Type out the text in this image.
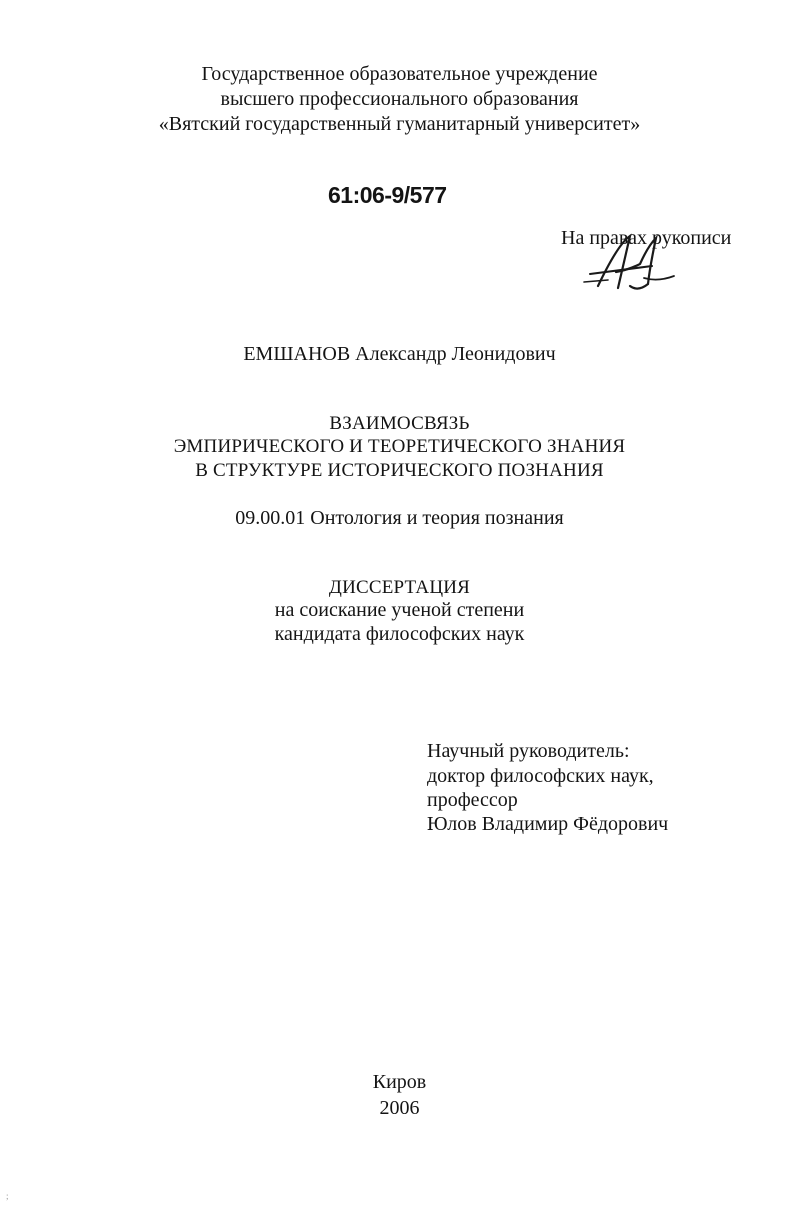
Государственное образовательное учреждение
высшего профессионального образования
«Вятский государственный гуманитарный университет»
61:06-9/577
На правах рукописи
ЕМШАНОВ Александр Леонидович
ВЗАИМОСВЯЗЬ
ЭМПИРИЧЕСКОГО И ТЕОРЕТИЧЕСКОГО ЗНАНИЯ
В СТРУКТУРЕ ИСТОРИЧЕСКОГО ПОЗНАНИЯ
09.00.01 Онтология и теория познания
ДИССЕРТАЦИЯ
на соискание ученой степени
кандидата философских наук
Научный руководитель:
доктор философских наук,
профессор
Юлов Владимир Фёдорович
Киров
2006
;
